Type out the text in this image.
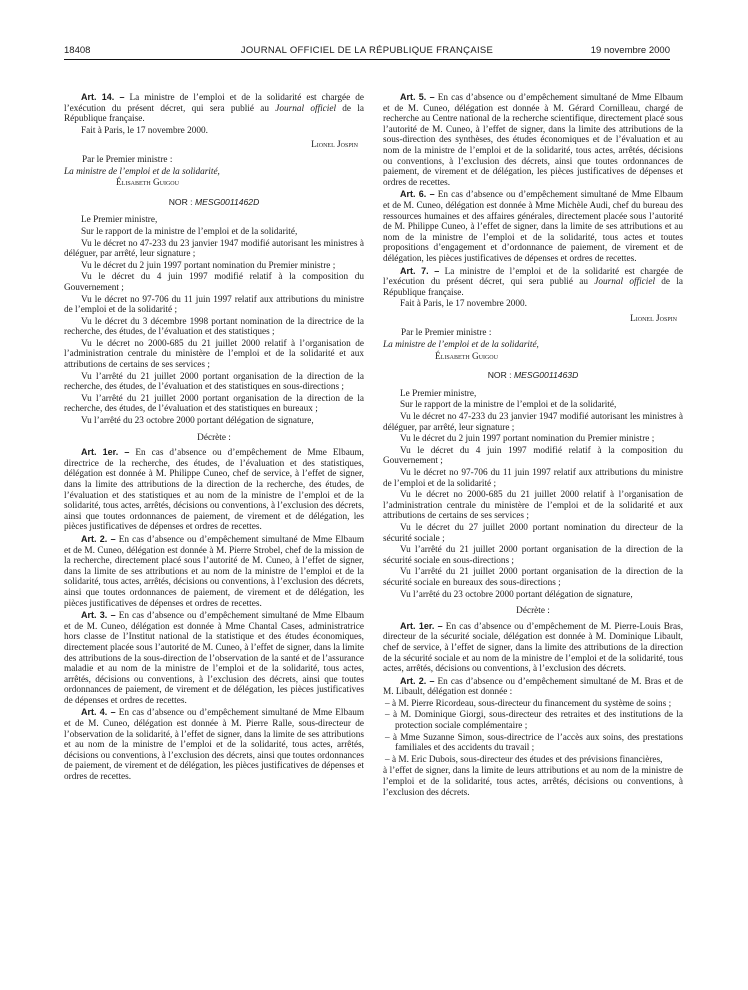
18408	JOURNAL OFFICIEL DE LA RÉPUBLIQUE FRANÇAISE	19 novembre 2000

Art. 14. – La ministre de l’emploi et de la solidarité est chargée de l’exécution du présent décret, qui sera publié au Journal officiel de la République française.

Fait à Paris, le 17 novembre 2000.

Lionel Jospin

Par le Premier ministre :

La ministre de l’emploi et de la solidarité,

Élisabeth Guigou

NOR : MESG0011462D

Le Premier ministre,

Sur le rapport de la ministre de l’emploi et de la solidarité,

Vu le décret no 47-233 du 23 janvier 1947 modifié autorisant les ministres à déléguer, par arrêté, leur signature ;

Vu le décret du 2 juin 1997 portant nomination du Premier ministre ;

Vu le décret du 4 juin 1997 modifié relatif à la composition du Gouvernement ;

Vu le décret no 97-706 du 11 juin 1997 relatif aux attributions du ministre de l’emploi et de la solidarité ;

Vu le décret du 3 décembre 1998 portant nomination de la directrice de la recherche, des études, de l’évaluation et des statistiques ;

Vu le décret no 2000-685 du 21 juillet 2000 relatif à l’organisation de l’administration centrale du ministère de l’emploi et de la solidarité et aux attributions de certains de ses services ;

Vu l’arrêté du 21 juillet 2000 portant organisation de la direction de la recherche, des études, de l’évaluation et des statistiques en sous-directions ;

Vu l’arrêté du 21 juillet 2000 portant organisation de la direction de la recherche, des études, de l’évaluation et des statistiques en bureaux ;

Vu l’arrêté du 23 octobre 2000 portant délégation de signature,

Décrète :

Art. 1er. – En cas d’absence ou d’empêchement de Mme Elbaum, directrice de la recherche, des études, de l’évaluation et des statistiques, délégation est donnée à M. Philippe Cuneo, chef de service, à l’effet de signer, dans la limite des attributions de la direction de la recherche, des études, de l’évaluation et des statistiques et au nom de la ministre de l’emploi et de la solidarité, tous actes, arrêtés, décisions ou conventions, à l’exclusion des décrets, ainsi que toutes ordonnances de paiement, de virement et de délégation, les pièces justificatives de dépenses et ordres de recettes.

Art. 2. – En cas d’absence ou d’empêchement simultané de Mme Elbaum et de M. Cuneo, délégation est donnée à M. Pierre Strobel, chef de la mission de la recherche, directement placé sous l’autorité de M. Cuneo, à l’effet de signer, dans la limite de ses attributions et au nom de la ministre de l’emploi et de la solidarité, tous actes, arrêtés, décisions ou conventions, à l’exclusion des décrets, ainsi que toutes ordonnances de paiement, de virement et de délégation, les pièces justificatives de dépenses et ordres de recettes.

Art. 3. – En cas d’absence ou d’empêchement simultané de Mme Elbaum et de M. Cuneo, délégation est donnée à Mme Chantal Cases, administratrice hors classe de l’Institut national de la statistique et des études économiques, directement placée sous l’autorité de M. Cuneo, à l’effet de signer, dans la limite des attributions de la sous-direction de l’observation de la santé et de l’assurance maladie et au nom de la ministre de l’emploi et de la solidarité, tous actes, arrêtés, décisions ou conventions, à l’exclusion des décrets, ainsi que toutes ordonnances de paiement, de virement et de délégation, les pièces justificatives de dépenses et ordres de recettes.

Art. 4. – En cas d’absence ou d’empêchement simultané de Mme Elbaum et de M. Cuneo, délégation est donnée à M. Pierre Ralle, sous-directeur de l’observation de la solidarité, à l’effet de signer, dans la limite de ses attributions et au nom de la ministre de l’emploi et de la solidarité, tous actes, arrêtés, décisions ou conventions, à l’exclusion des décrets, ainsi que toutes ordonnances de paiement, de virement et de délégation, les pièces justificatives de dépenses et ordres de recettes.

Art. 5. – En cas d’absence ou d’empêchement simultané de Mme Elbaum et de M. Cuneo, délégation est donnée à M. Gérard Cornilleau, chargé de recherche au Centre national de la recherche scientifique, directement placé sous l’autorité de M. Cuneo, à l’effet de signer, dans la limite des attributions de la sous-direction des synthèses, des études économiques et de l’évaluation et au nom de la ministre de l’emploi et de la solidarité, tous actes, arrêtés, décisions ou conventions, à l’exclusion des décrets, ainsi que toutes ordonnances de paiement, de virement et de délégation, les pièces justificatives de dépenses et ordres de recettes.

Art. 6. – En cas d’absence ou d’empêchement simultané de Mme Elbaum et de M. Cuneo, délégation est donnée à Mme Michèle Audi, chef du bureau des ressources humaines et des affaires générales, directement placée sous l’autorité de M. Philippe Cuneo, à l’effet de signer, dans la limite de ses attributions et au nom de la ministre de l’emploi et de la solidarité, tous actes et toutes propositions d’engagement et d’ordonnance de paiement, de virement et de délégation, les pièces justificatives de dépenses et ordres de recettes.

Art. 7. – La ministre de l’emploi et de la solidarité est chargée de l’exécution du présent décret, qui sera publié au Journal officiel de la République française.

Fait à Paris, le 17 novembre 2000.

Lionel Jospin

Par le Premier ministre :

La ministre de l’emploi et de la solidarité,

Élisabeth Guigou

NOR : MESG0011463D

Le Premier ministre,

Sur le rapport de la ministre de l’emploi et de la solidarité,

Vu le décret no 47-233 du 23 janvier 1947 modifié autorisant les ministres à déléguer, par arrêté, leur signature ;

Vu le décret du 2 juin 1997 portant nomination du Premier ministre ;

Vu le décret du 4 juin 1997 modifié relatif à la composition du Gouvernement ;

Vu le décret no 97-706 du 11 juin 1997 relatif aux attributions du ministre de l’emploi et de la solidarité ;

Vu le décret no 2000-685 du 21 juillet 2000 relatif à l’organisation de l’administration centrale du ministère de l’emploi et de la solidarité et aux attributions de certains de ses services ;

Vu le décret du 27 juillet 2000 portant nomination du directeur de la sécurité sociale ;

Vu l’arrêté du 21 juillet 2000 portant organisation de la direction de la sécurité sociale en sous-directions ;

Vu l’arrêté du 21 juillet 2000 portant organisation de la direction de la sécurité sociale en bureaux des sous-directions ;

Vu l’arrêté du 23 octobre 2000 portant délégation de signature,

Décrète :

Art. 1er. – En cas d’absence ou d’empêchement de M. Pierre-Louis Bras, directeur de la sécurité sociale, délégation est donnée à M. Dominique Libault, chef de service, à l’effet de signer, dans la limite des attributions de la direction de la sécurité sociale et au nom de la ministre de l’emploi et de la solidarité, tous actes, arrêtés, décisions ou conventions, à l’exclusion des décrets.

Art. 2. – En cas d’absence ou d’empêchement simultané de M. Bras et de M. Libault, délégation est donnée :

– à M. Pierre Ricordeau, sous-directeur du financement du système de soins ;

– à M. Dominique Giorgi, sous-directeur des retraites et des institutions de la protection sociale complémentaire ;

– à Mme Suzanne Simon, sous-directrice de l’accès aux soins, des prestations familiales et des accidents du travail ;

– à M. Eric Dubois, sous-directeur des études et des prévisions financières,

à l’effet de signer, dans la limite de leurs attributions et au nom de la ministre de l’emploi et de la solidarité, tous actes, arrêtés, décisions ou conventions, à l’exclusion des décrets.
